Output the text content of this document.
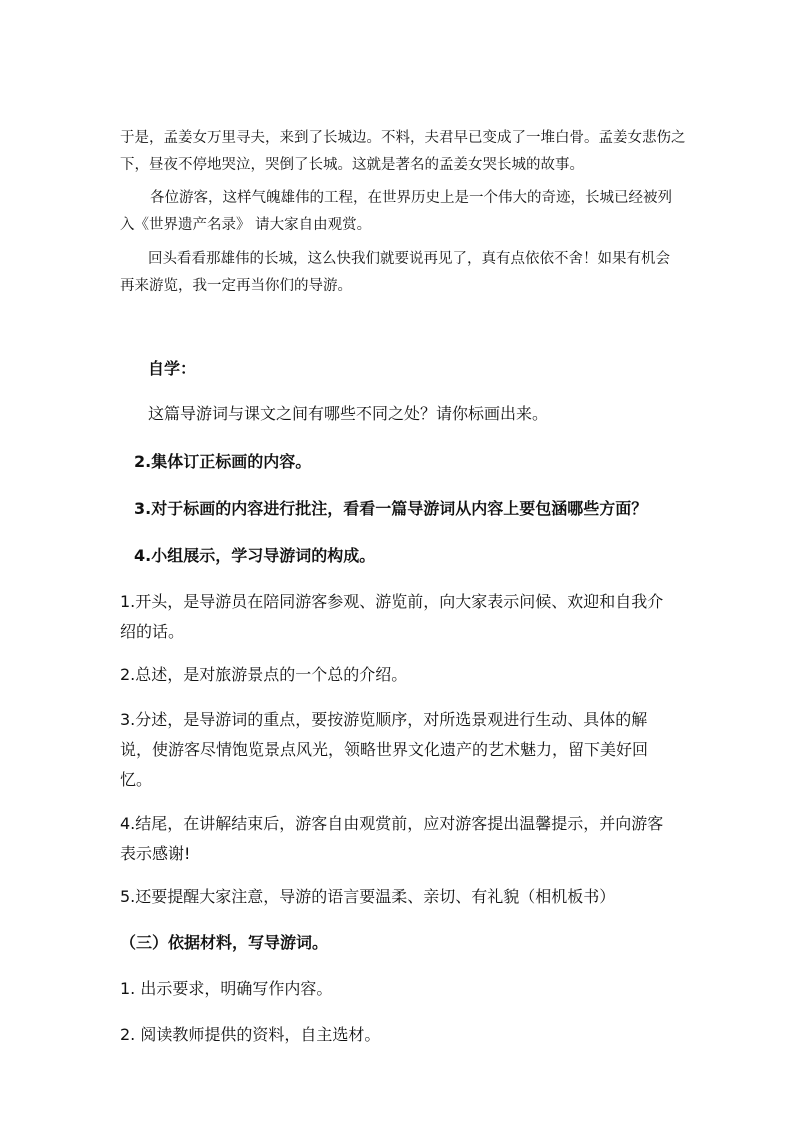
于是，孟姜女万里寻夫，来到了长城边。不料，夫君早已变成了一堆白骨。孟姜女悲伤之
下，昼夜不停地哭泣，哭倒了长城。这就是著名的孟姜女哭长城的故事。
各位游客，这样气魄雄伟的工程，在世界历史上是一个伟大的奇迹，长城已经被列
入《世界遗产名录》 请大家自由观赏。
回头看看那雄伟的长城，这么快我们就要说再见了，真有点依依不舍！如果有机会
再来游览，我一定再当你们的导游。
自学：
这篇导游词与课文之间有哪些不同之处？请你标画出来。
2.集体订正标画的内容。
3.对于标画的内容进行批注，看看一篇导游词从内容上要包涵哪些方面？
4.小组展示，学习导游词的构成。
1.开头，是导游员在陪同游客参观、游览前，向大家表示问候、欢迎和自我介
绍的话。
2.总述，是对旅游景点的一个总的介绍。
3.分述，是导游词的重点，要按游览顺序，对所选景观进行生动、具体的解
说，使游客尽情饱览景点风光，领略世界文化遗产的艺术魅力，留下美好回
忆。
4.结尾，在讲解结束后，游客自由观赏前，应对游客提出温馨提示，并向游客
表示感谢!
5.还要提醒大家注意，导游的语言要温柔、亲切、有礼貌（相机板书）
（三）依据材料，写导游词。
1. 出示要求，明确写作内容。
2. 阅读教师提供的资料，自主选材。
